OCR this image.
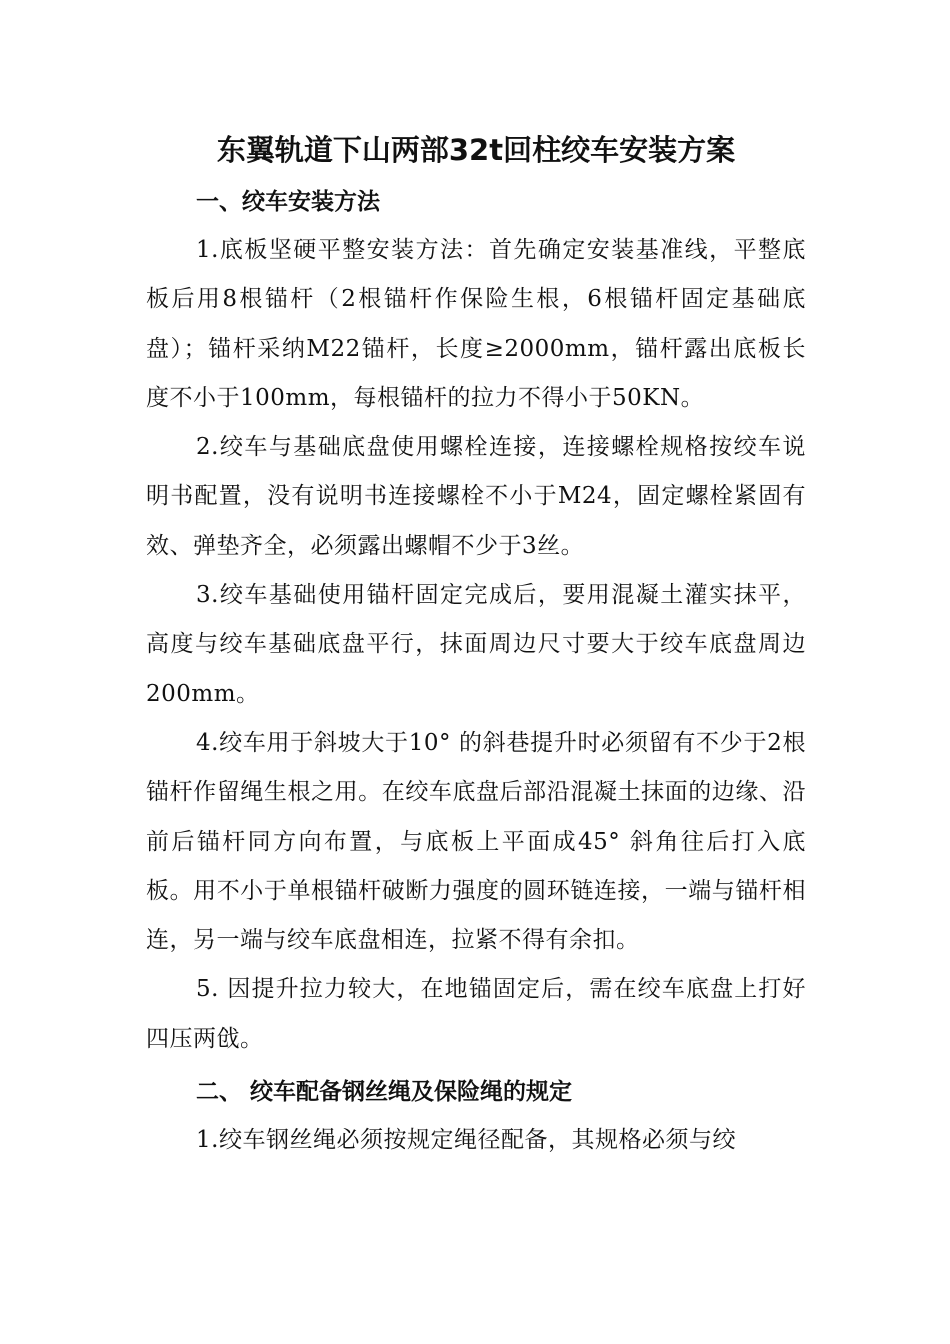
东翼轨道下山两部32t回柱绞车安装方案
一、绞车安装方法

1.底板坚硬平整安装方法：首先确定安装基准线，平整底板后用8根锚杆（2根锚杆作保险生根，6根锚杆固定基础底盘）；锚杆采纳M22锚杆，长度≥2000mm，锚杆露出底板长度不小于100mm，每根锚杆的拉力不得小于50KN。

2.绞车与基础底盘使用螺栓连接，连接螺栓规格按绞车说明书配置，没有说明书连接螺栓不小于M24，固定螺栓紧固有效、弹垫齐全，必须露出螺帽不少于3丝。

3.绞车基础使用锚杆固定完成后，要用混凝土灌实抹平，高度与绞车基础底盘平行，抹面周边尺寸要大于绞车底盘周边200mm。

4.绞车用于斜坡大于10° 的斜巷提升时必须留有不少于2根锚杆作留绳生根之用。在绞车底盘后部沿混凝土抹面的边缘、沿前后锚杆同方向布置，与底板上平面成45° 斜角往后打入底板。用不小于单根锚杆破断力强度的圆环链连接，一端与锚杆相连，另一端与绞车底盘相连，拉紧不得有余扣。

5. 因提升拉力较大，在地锚固定后，需在绞车底盘上打好四压两戗。

二、 绞车配备钢丝绳及保险绳的规定

1.绞车钢丝绳必须按规定绳径配备，其规格必须与绞
